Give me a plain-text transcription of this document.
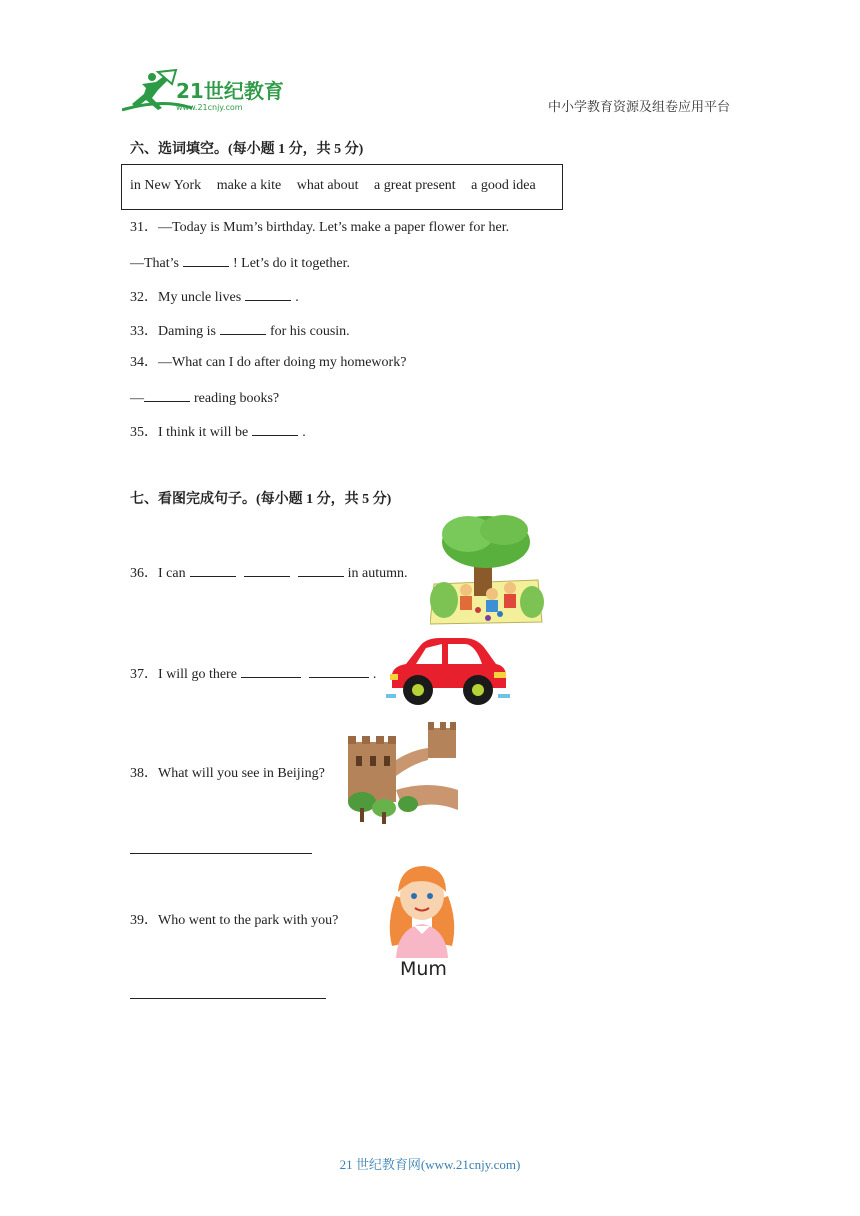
21世纪教育
www.21cnjy.com	中小学教育资源及组卷应用平台
六、选词填空。(每小题 1 分，共 5 分)
in New York make a kite what about a great present a good idea
31．—Today is Mum’s birthday. Let’s make a paper flower for her.
—That’s	! Let’s do it together.
32．My uncle lives	.
33．Daming is	for his cousin.
34．—What can I do after doing my homework?
—	reading books?
35．I think it will be	.
七、看图完成句子。(每小题 1 分，共 5 分)
36．I can	in autumn.
37．I will go there	.
38．What will you see in Beijing?
39．Who went to the park with you?
Mum
21 世纪教育网(www.21cnjy.com)
